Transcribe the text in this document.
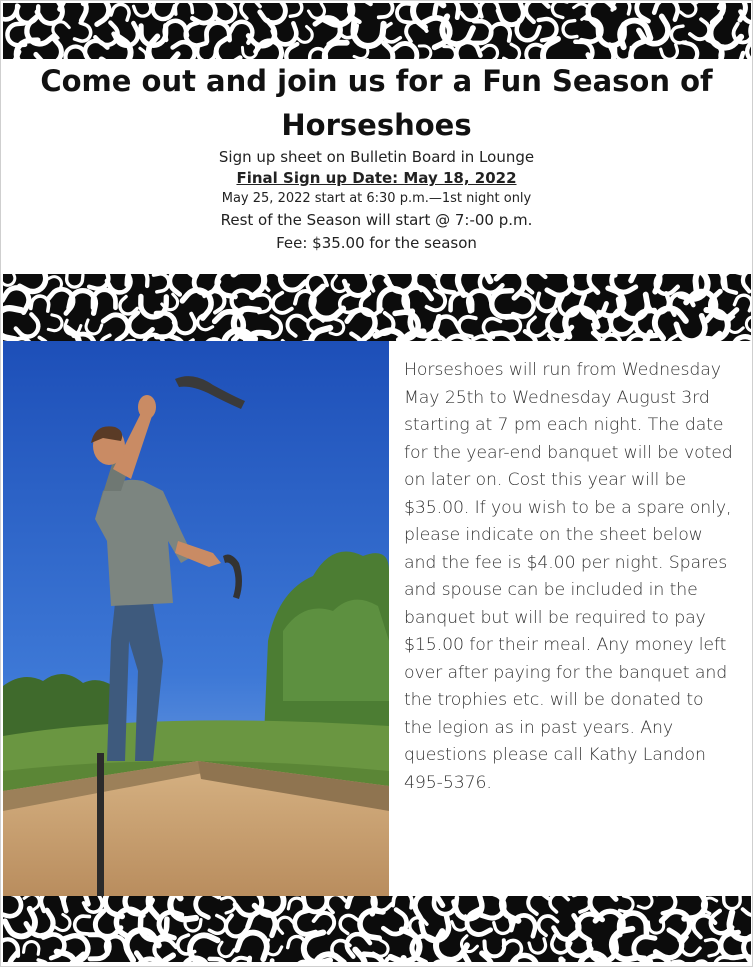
Come out and join us for a Fun Season of Horseshoes

Sign up sheet on Bulletin Board in Lounge

Final Sign up Date: May 18, 2022

May 25, 2022 start at 6:30 p.m.—1st night only

Rest of the Season will start @ 7:-00 p.m.

Fee: $35.00 for the season

Horseshoes will run from Wednesday May 25th to Wednesday August 3rd starting at 7 pm each night. The date for the year-end banquet will be voted on later on. Cost this year will be $35.00. If you wish to be a spare only, please indicate on the sheet below and the fee is $4.00 per night. Spares and spouse can be included in the banquet but will be required to pay $15.00 for their meal. Any money left over after paying for the banquet and the trophies etc. will be donated to the legion as in past years. Any questions please call Kathy Landon 495-5376.
